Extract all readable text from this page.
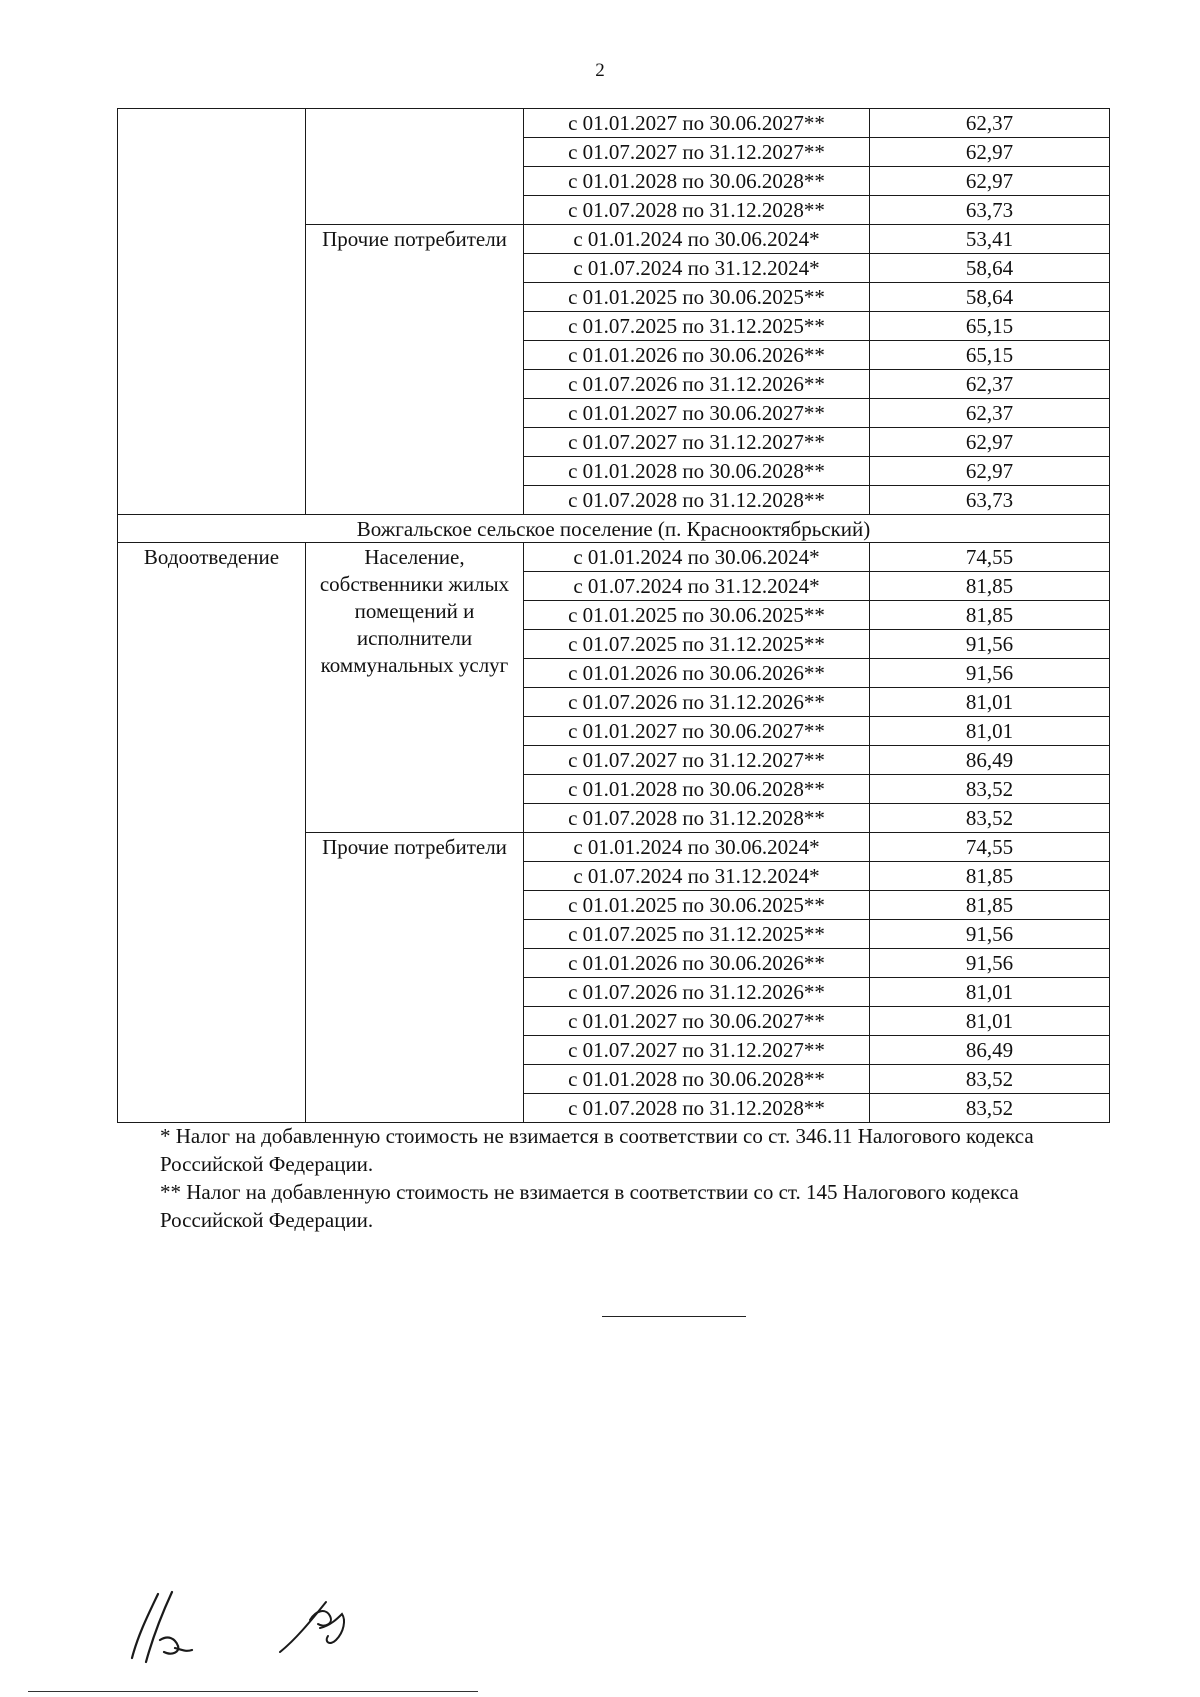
2
		с 01.01.2027 по 30.06.2027**	62,37
		с 01.07.2027 по 31.12.2027**	62,97
		с 01.01.2028 по 30.06.2028**	62,97
		с 01.07.2028 по 31.12.2028**	63,73
	Прочие потребители	с 01.01.2024 по 30.06.2024*	53,41
		с 01.07.2024 по 31.12.2024*	58,64
		с 01.01.2025 по 30.06.2025**	58,64
		с 01.07.2025 по 31.12.2025**	65,15
		с 01.01.2026 по 30.06.2026**	65,15
		с 01.07.2026 по 31.12.2026**	62,37
		с 01.01.2027 по 30.06.2027**	62,37
		с 01.07.2027 по 31.12.2027**	62,97
		с 01.01.2028 по 30.06.2028**	62,97
		с 01.07.2028 по 31.12.2028**	63,73
Вожгальское сельское поселение (п. Краснооктябрьский)			
Водоотведение	Население, собственники жилых помещений и исполнители коммунальных услуг	с 01.01.2024 по 30.06.2024*	74,55
		с 01.07.2024 по 31.12.2024*	81,85
		с 01.01.2025 по 30.06.2025**	81,85
		с 01.07.2025 по 31.12.2025**	91,56
		с 01.01.2026 по 30.06.2026**	91,56
		с 01.07.2026 по 31.12.2026**	81,01
		с 01.01.2027 по 30.06.2027**	81,01
		с 01.07.2027 по 31.12.2027**	86,49
		с 01.01.2028 по 30.06.2028**	83,52
		с 01.07.2028 по 31.12.2028**	83,52
	Прочие потребители	с 01.01.2024 по 30.06.2024*	74,55
		с 01.07.2024 по 31.12.2024*	81,85
		с 01.01.2025 по 30.06.2025**	81,85
		с 01.07.2025 по 31.12.2025**	91,56
		с 01.01.2026 по 30.06.2026**	91,56
		с 01.07.2026 по 31.12.2026**	81,01
		с 01.01.2027 по 30.06.2027**	81,01
		с 01.07.2027 по 31.12.2027**	86,49
		с 01.01.2028 по 30.06.2028**	83,52
		с 01.07.2028 по 31.12.2028**	83,52

* Налог на добавленную стоимость не взимается в соответствии со ст. 346.11 Налогового кодекса Российской Федерации.

** Налог на добавленную стоимость не взимается в соответствии со ст. 145 Налогового кодекса Российской Федерации.
